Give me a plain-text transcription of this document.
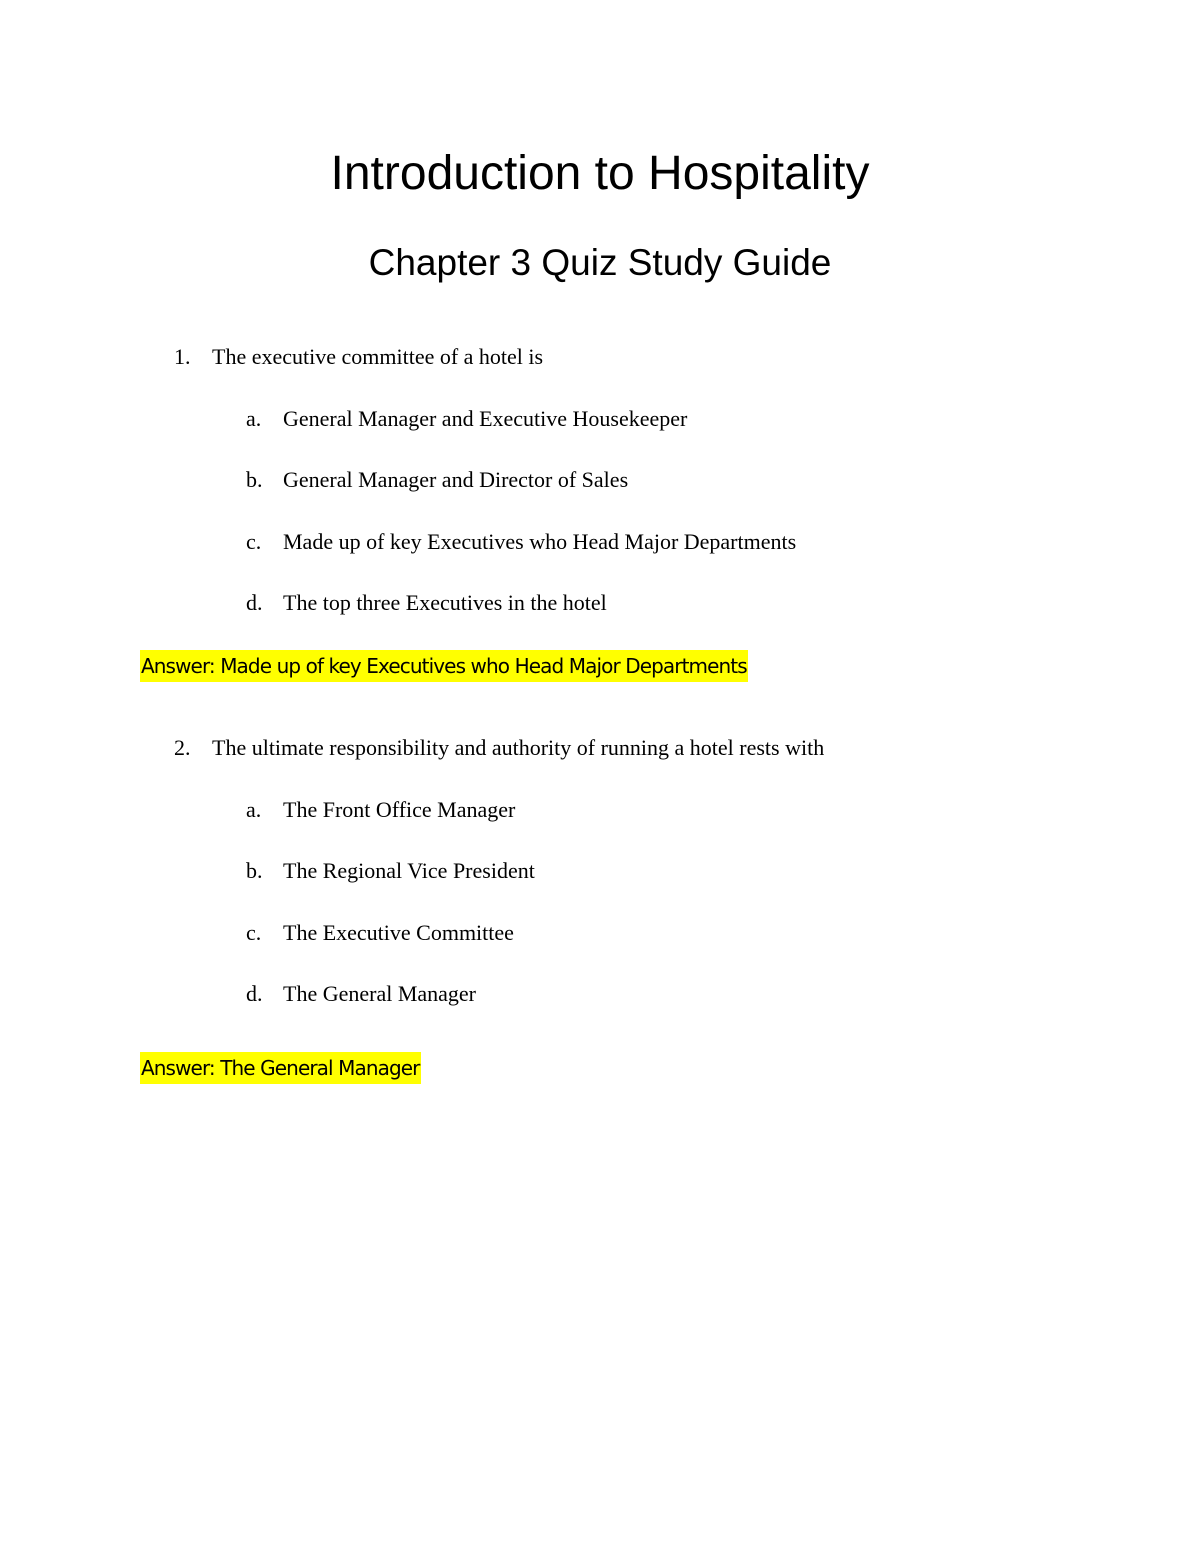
Introduction to Hospitality
Chapter 3 Quiz Study Guide
1. The executive committee of a hotel is
a. General Manager and Executive Housekeeper
b. General Manager and Director of Sales
c. Made up of key Executives who Head Major Departments
d. The top three Executives in the hotel
Answer: Made up of key Executives who Head Major Departments
2. The ultimate responsibility and authority of running a hotel rests with
a. The Front Office Manager
b. The Regional Vice President
c. The Executive Committee
d. The General Manager
Answer: The General Manager
